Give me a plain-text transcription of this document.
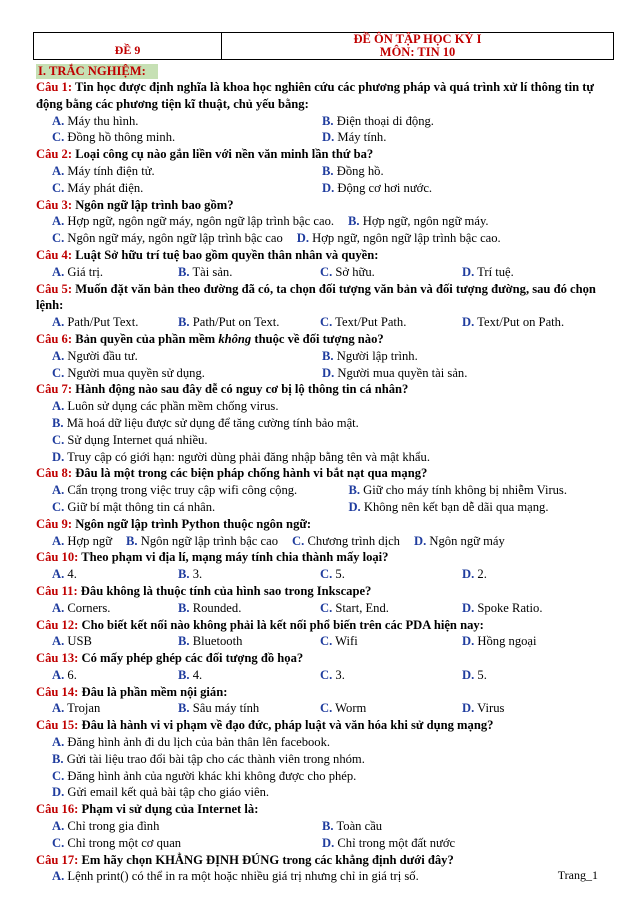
ĐỀ 9
ĐỀ ÔN TẬP HỌC KỲ I
MÔN: TIN 10
I. TRẮC NGHIỆM:
Câu 1: Tin học được định nghĩa là khoa học nghiên cứu các phương pháp và quá trình xử lí thông tin tự động bằng các phương tiện kĩ thuật, chủ yếu bằng:
A. Máy thu hình.	B. Điện thoại di động.
C. Đồng hồ thông minh.	D. Máy tính.
Câu 2: Loại công cụ nào gắn liền với nền văn minh lần thứ ba?
A. Máy tính điện tử.	B. Đồng hồ.
C. Máy phát điện.	D. Động cơ hơi nước.
Câu 3: Ngôn ngữ lập trình bao gồm?
A. Hợp ngữ, ngôn ngữ máy, ngôn ngữ lập trình bậc cao.	B. Hợp ngữ, ngôn ngữ máy.
C. Ngôn ngữ máy, ngôn ngữ lập trình bậc cao	D. Hợp ngữ, ngôn ngữ lập trình bậc cao.
Câu 4: Luật Sở hữu trí tuệ bao gồm quyền thân nhân và quyền:
A. Giá trị.	B. Tài sản.	C. Sở hữu.	D. Trí tuệ.
Câu 5: Muốn đặt văn bản theo đường đã có, ta chọn đối tượng văn bản và đối tượng đường, sau đó chọn lệnh:
A. Path/Put Text.	B. Path/Put on Text.	C. Text/Put Path.	D. Text/Put on Path.
Câu 6: Bản quyền của phần mềm không thuộc về đối tượng nào?
A. Người đầu tư.	B. Người lập trình.
C. Người mua quyền sử dụng.	D. Người mua quyền tài sản.
Câu 7: Hành động nào sau đây dễ có nguy cơ bị lộ thông tin cá nhân?
A. Luôn sử dụng các phần mềm chống virus.
B. Mã hoá dữ liệu được sử dụng để tăng cường tính bảo mật.
C. Sử dụng Internet quá nhiều.
D. Truy cập có giới hạn: người dùng phải đăng nhập bằng tên và mật khẩu.
Câu 8: Đâu là một trong các biện pháp chống hành vi bắt nạt qua mạng?
A. Cẩn trọng trong việc truy cập wifi công cộng.	B. Giữ cho máy tính không bị nhiễm Virus.
C. Giữ bí mật thông tin cá nhân.	D. Không nên kết bạn dễ dãi qua mạng.
Câu 9: Ngôn ngữ lập trình Python thuộc ngôn ngữ:
A. Hợp ngữ	B. Ngôn ngữ lập trình bậc cao	C. Chương trình dịch	D. Ngôn ngữ máy
Câu 10: Theo phạm vi địa lí, mạng máy tính chia thành mấy loại?
A. 4.	B. 3.	C. 5.	D. 2.
Câu 11: Đâu không là thuộc tính của hình sao trong Inkscape?
A. Corners.	B. Rounded.	C. Start, End.	D. Spoke Ratio.
Câu 12: Cho biết kết nối nào không phải là kết nối phổ biến trên các PDA hiện nay:
A. USB	B. Bluetooth	C. Wifi	D. Hồng ngoại
Câu 13: Có mấy phép ghép các đối tượng đồ họa?
A. 6.	B. 4.	C. 3.	D. 5.
Câu 14: Đâu là phần mềm nội gián:
A. Trojan	B. Sâu máy tính	C. Worm	D. Virus
Câu 15: Đâu là hành vi vi phạm về đạo đức, pháp luật và văn hóa khi sử dụng mạng?
A. Đăng hình ảnh đi du lịch của bản thân lên facebook.
B. Gửi tài liệu trao đổi bài tập cho các thành viên trong nhóm.
C. Đăng hình ảnh của người khác khi không được cho phép.
D. Gửi email kết quả bài tập cho giáo viên.
Câu 16: Phạm vi sử dụng của Internet là:
A. Chỉ trong gia đình	B. Toàn cầu
C. Chỉ trong một cơ quan	D. Chỉ trong một đất nước
Câu 17: Em hãy chọn KHẲNG ĐỊNH ĐÚNG trong các khẳng định dưới đây?
A. Lệnh print() có thể in ra một hoặc nhiều giá trị nhưng chỉ in giá trị số.	Trang_1
